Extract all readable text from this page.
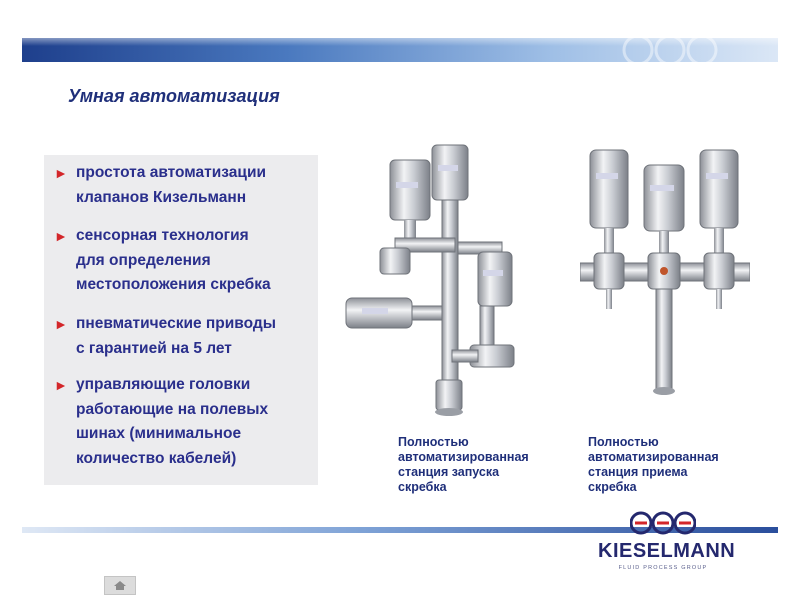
Умная автоматизация
► простота автоматизации
клапанов Кизельманн
► сенсорная технология
для определения
местоположения скребка
► пневматические приводы
с гарантией на 5 лет
► управляющие головки
работающие на полевых
шинах (минимальное
количество кабелей)
Полностью
автоматизированная
станция запуска
скребка
Полностью
автоматизированная
станция приема
скребка
KIESELMANN
FLUID PROCESS GROUP
